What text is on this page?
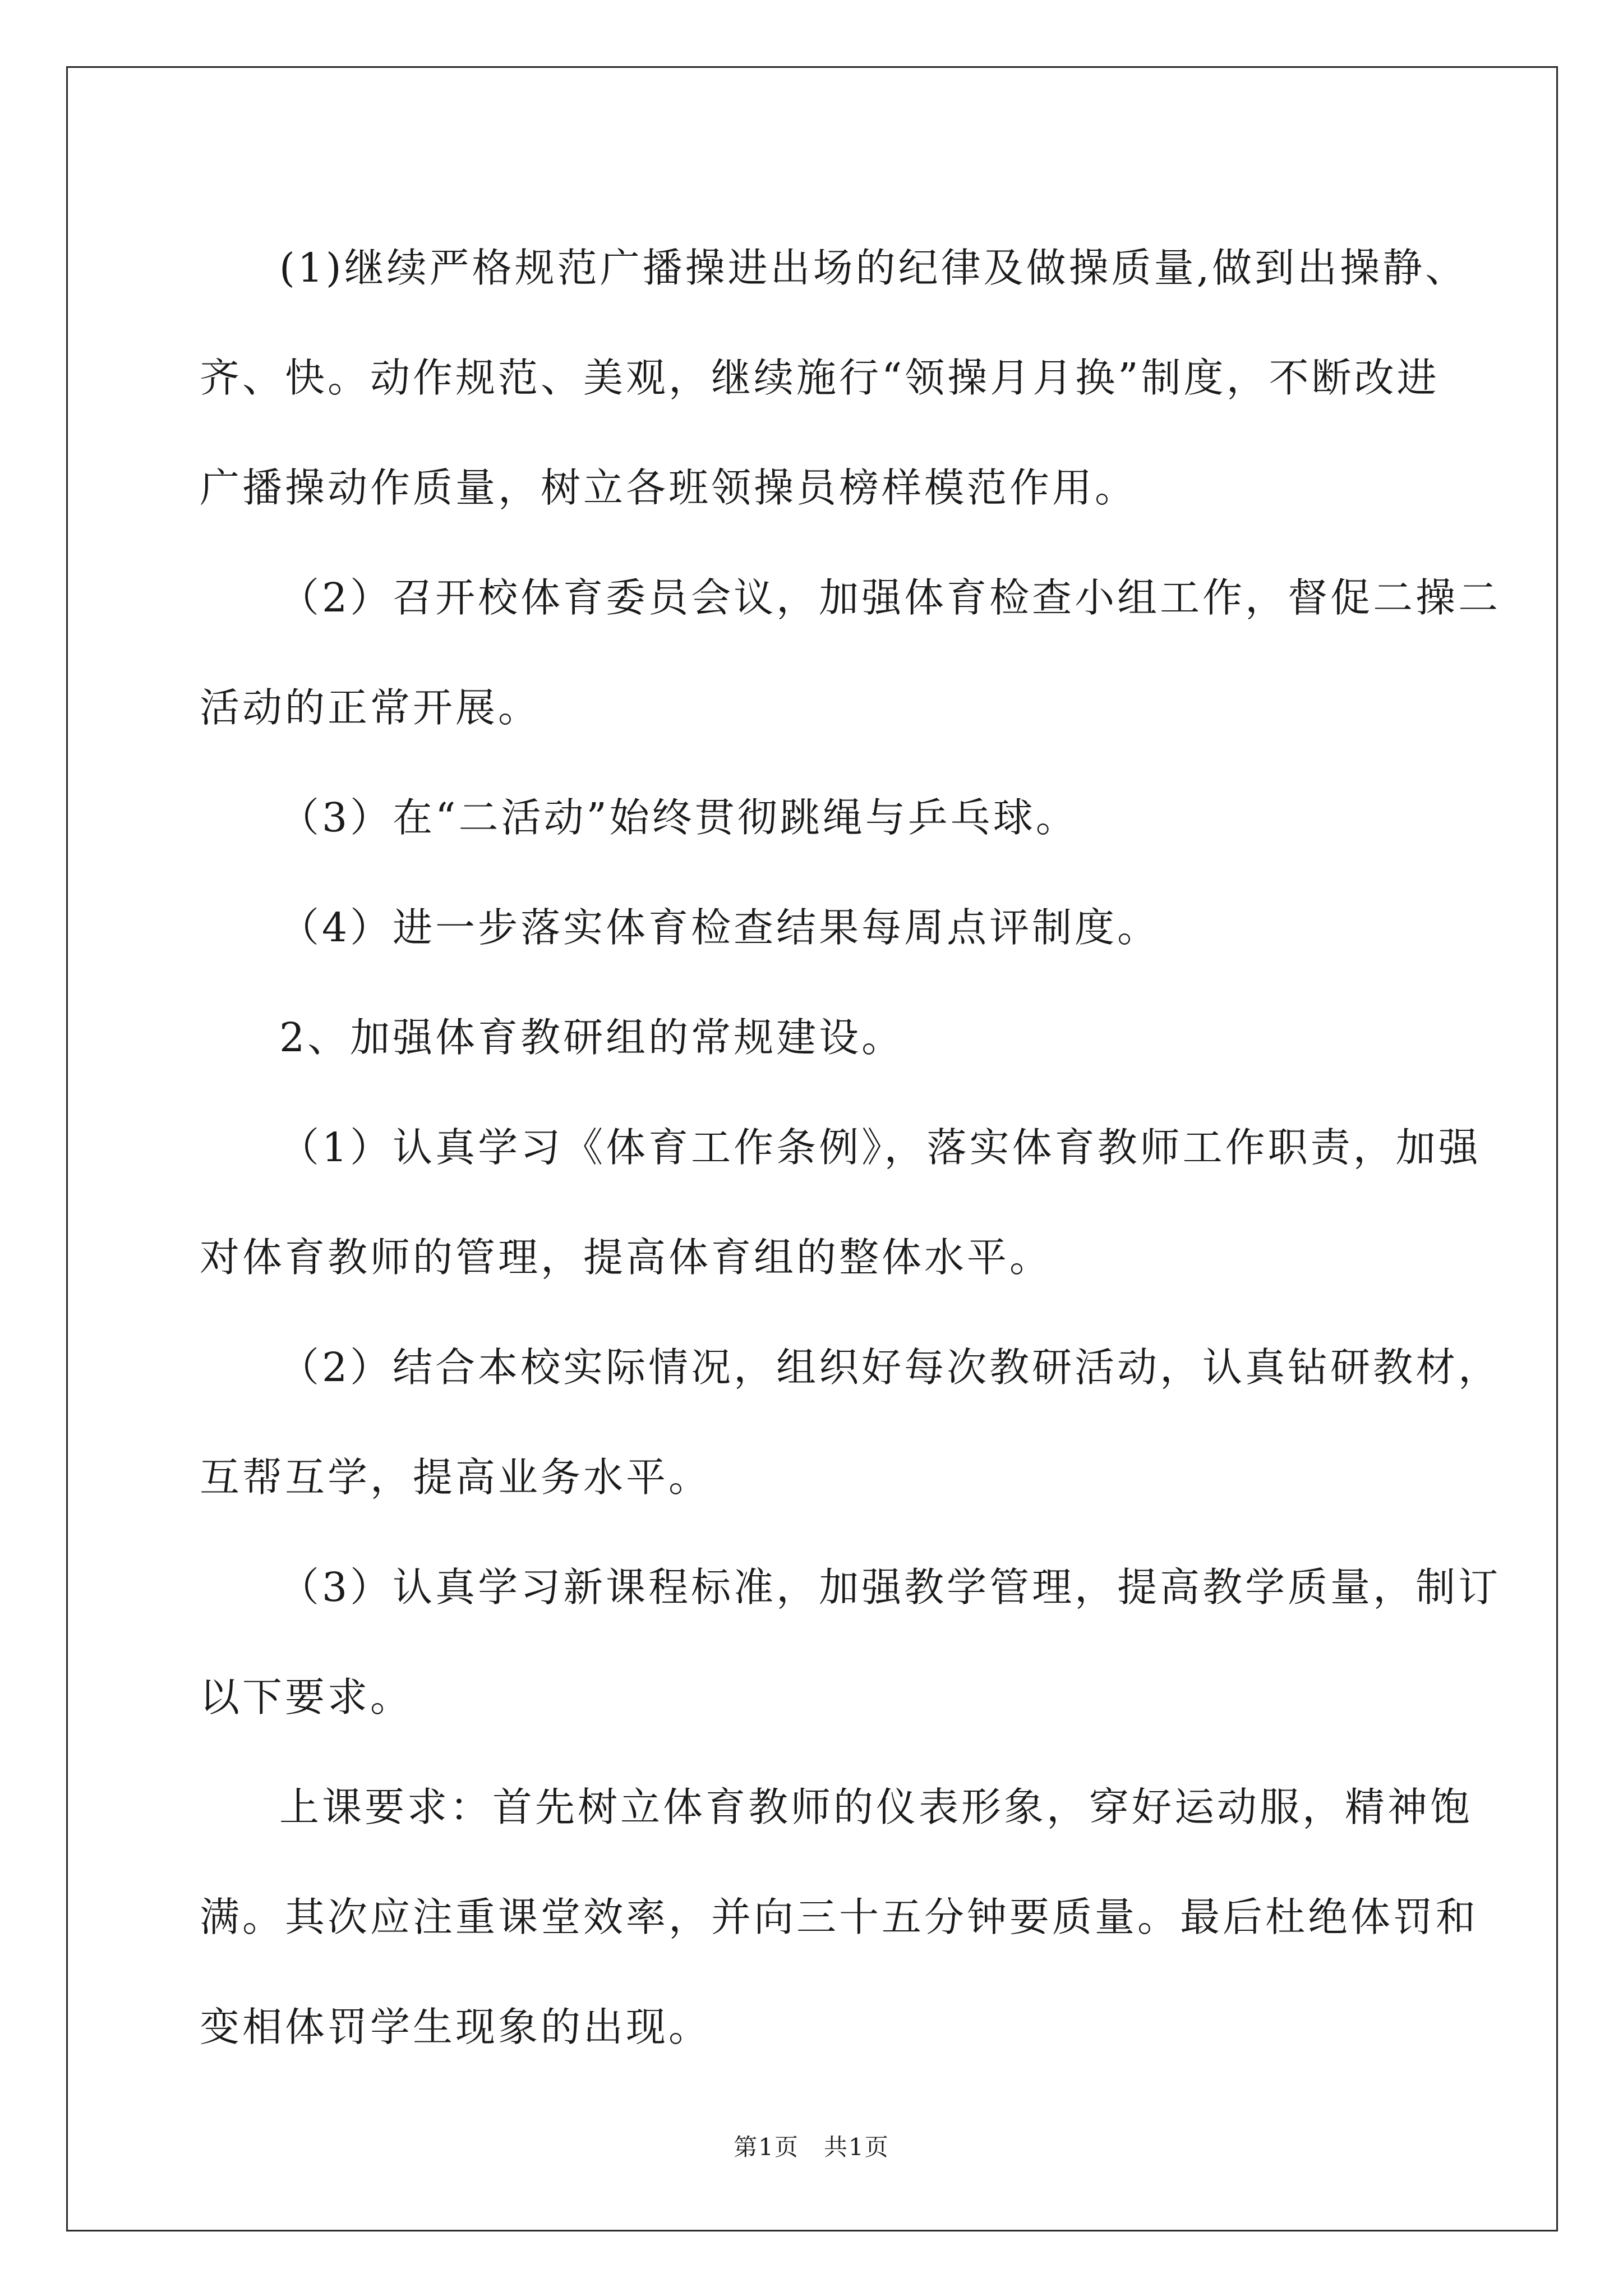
(1)继续严格规范广播操进出场的纪律及做操质量,做到出操静、
齐、快。动作规范、美观，继续施行“领操月月换”制度，不断改进
广播操动作质量，树立各班领操员榜样模范作用。
（2）召开校体育委员会议，加强体育检查小组工作，督促二操二
活动的正常开展。
（3）在“二活动”始终贯彻跳绳与乒乓球。
（4）进一步落实体育检查结果每周点评制度。
2、加强体育教研组的常规建设。
（1）认真学习《体育工作条例》，落实体育教师工作职责，加强
对体育教师的管理，提高体育组的整体水平。
（2）结合本校实际情况，组织好每次教研活动，认真钻研教材，
互帮互学，提高业务水平。
（3）认真学习新课程标准，加强教学管理，提高教学质量，制订
以下要求。
上课要求：首先树立体育教师的仪表形象，穿好运动服，精神饱
满。其次应注重课堂效率，并向三十五分钟要质量。最后杜绝体罚和
变相体罚学生现象的出现。
第1页　共1页
